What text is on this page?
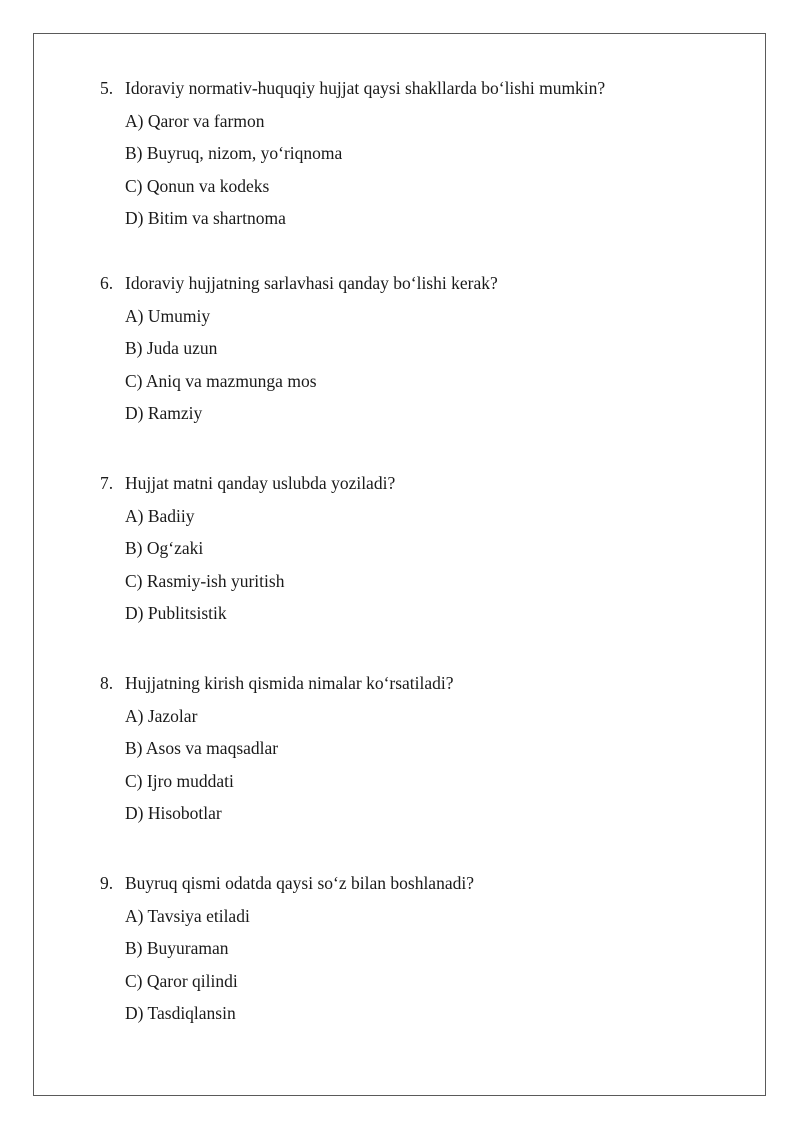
5. Idoraviy normativ-huquqiy hujjat qaysi shakllarda bo‘lishi mumkin?
A) Qaror va farmon
B) Buyruq, nizom, yo‘riqnoma
C) Qonun va kodeks
D) Bitim va shartnoma
6. Idoraviy hujjatning sarlavhasi qanday bo‘lishi kerak?
A) Umumiy
B) Juda uzun
C) Aniq va mazmunga mos
D) Ramziy
7. Hujjat matni qanday uslubda yoziladi?
A) Badiiy
B) Og‘zaki
C) Rasmiy-ish yuritish
D) Publitsistik
8. Hujjatning kirish qismida nimalar ko‘rsatiladi?
A) Jazolar
B) Asos va maqsadlar
C) Ijro muddati
D) Hisobotlar
9. Buyruq qismi odatda qaysi so‘z bilan boshlanadi?
A) Tavsiya etiladi
B) Buyuraman
C) Qaror qilindi
D) Tasdiqlansin
